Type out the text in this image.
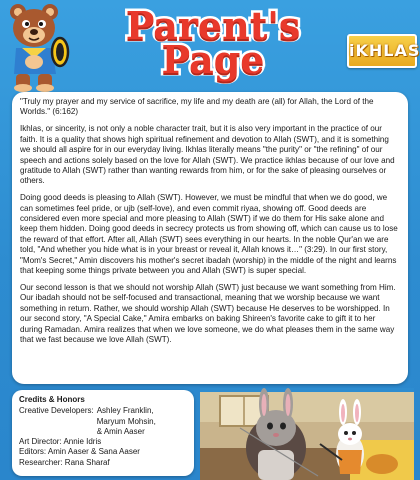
Parent's
Page	iKHLAS

"Truly my prayer and my service of sacrifice, my life and my death are (all) for Allah, the Lord of the Worlds." (6:162)

Ikhlas, or sincerity, is not only a noble character trait, but it is also very important in the practice of our faith. It is a quality that shows high spiritual refinement and devotion to Allah (SWT), and it is something we should all aspire for in our everyday living. Ikhlas literally means "the purity" or "the refining" of our speech and actions solely based on the love for Allah (SWT). We practice ikhlas because of our love and gratitude to Allah (SWT) rather than wanting rewards from him, or for the sake of pleasing ourselves or others.

Doing good deeds is pleasing to Allah (SWT). However, we must be mindful that when we do good, we can sometimes feel pride, or ujb (self-love), and even commit riyaa, showing off. Good deeds are considered even more special and more pleasing to Allah (SWT) if we do them for His sake alone and keep them hidden. Doing good deeds in secrecy protects us from showing off, which can cause us to lose the reward of that effort. After all, Allah (SWT) sees everything in our hearts. In the noble Qur'an we are told, "And whether you hide what is in your breast or reveal it, Allah knows it…" (3:29). In our first story, "Mom's Secret," Amin discovers his mother's secret ibadah (worship) in the middle of the night and learns that keeping some things private between you and Allah (SWT) is super special.

Our second lesson is that we should not worship Allah (SWT) just because we want something from Him. Our ibadah should not be self-focused and transactional, meaning that we worship because we want something in return. Rather, we should worship Allah (SWT) because He deserves to be worshipped. In our second story, "A Special Cake," Amira embarks on baking Shireen's favorite cake to gift it to her during Ramadan. Amira realizes that when we love someone, we do what pleases them in the same way that we fast because we love Allah (SWT).

Credits & Honors
Creative Developers: Ashley Franklin,
Maryum Mohsin,
& Amin Aaser
Art Director: Annie Idris
Editors: Amin Aaser & Sana Aaser
Researcher: Rana Sharaf
